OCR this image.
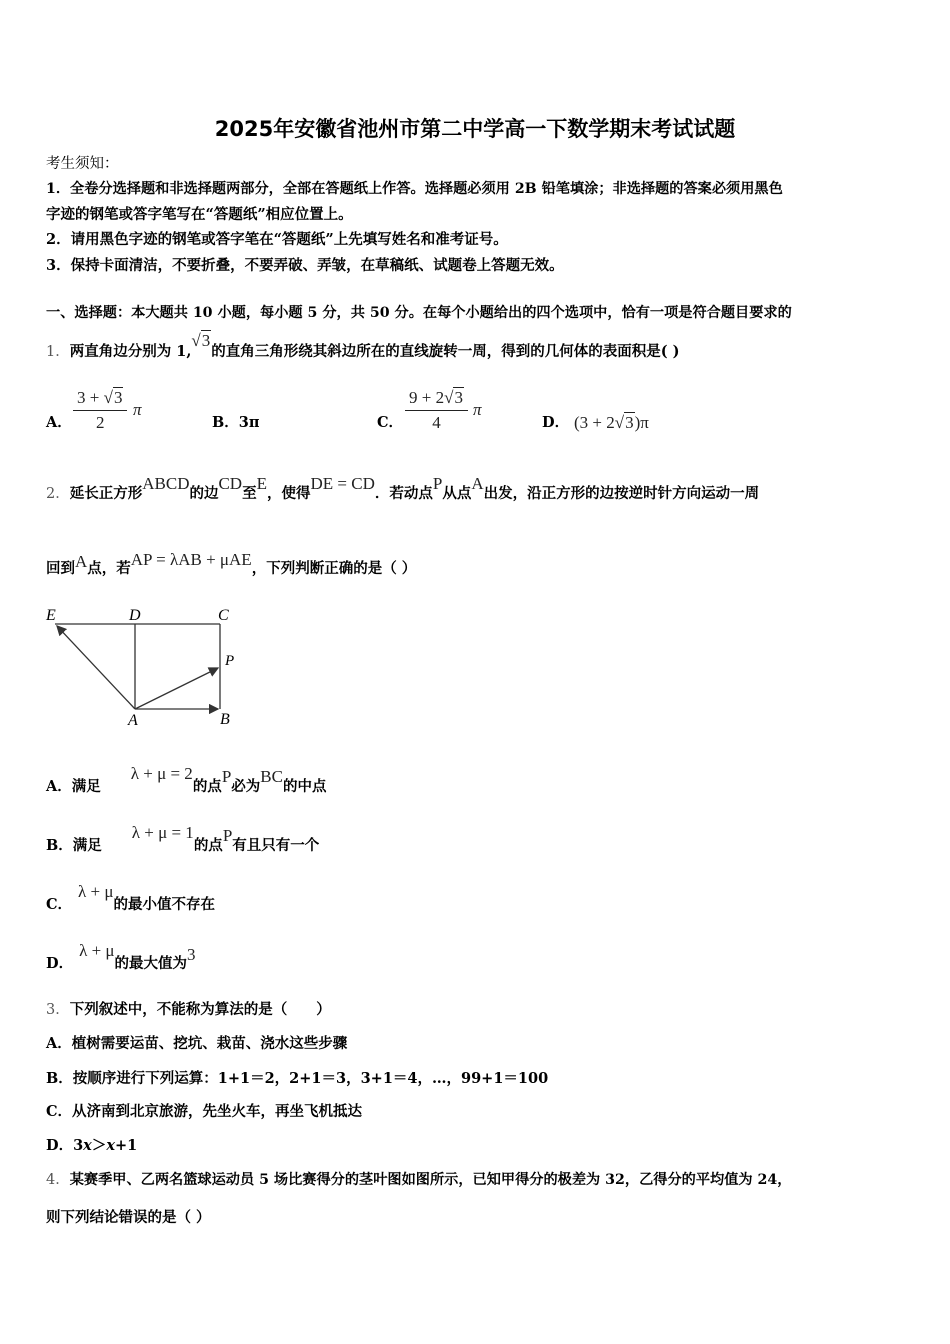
2025年安徽省池州市第二中学高一下数学期末考试试题
考生须知：
1．全卷分选择题和非选择题两部分，全部在答题纸上作答。选择题必须用 2B 铅笔填涂；非选择题的答案必须用黑色
字迹的钢笔或答字笔写在“答题纸”相应位置上。
2．请用黑色字迹的钢笔或答字笔在“答题纸”上先填写姓名和准考证号。
3．保持卡面清洁，不要折叠，不要弄破、弄皱，在草稿纸、试题卷上答题无效。
一、选择题：本大题共 10 小题，每小题 5 分，共 50 分。在每个小题给出的四个选项中，恰有一项是符合题目要求的
1．两直角边分别为 1,√3的直角三角形绕其斜边所在的直线旋转一周，得到的几何体的表面积是( )
A． $\frac{3 + √3}{2}$ π
B．3π	C． $\frac{9 + 2√3}{4}$ π
D． (3 + 2√3)π
2．延长正方形ABCD的边CD至E，使得DE = CD．若动点P从点A出发，沿正方形的边按逆时针方向运动一周
回到A点，若AP = λAB + μAE，下列判断正确的是（ ）
E	D	C
P
A	B
A．满足λ + μ = 2的点P必为BC的中点
B．满足λ + μ = 1的点P有且只有一个
C．λ + μ的最小值不存在
D．λ + μ的最大值为3
3．下列叙述中，不能称为算法的是（　　）
A．植树需要运苗、挖坑、栽苗、浇水这些步骤
B．按顺序进行下列运算：1+1＝2，2+1＝3，3+1＝4，…，99+1＝100
C．从济南到北京旅游，先坐火车，再坐飞机抵达
D．3x＞x+1
4．某赛季甲、乙两名篮球运动员 5 场比赛得分的茎叶图如图所示，已知甲得分的极差为 32，乙得分的平均值为 24，
则下列结论错误的是（ ）
